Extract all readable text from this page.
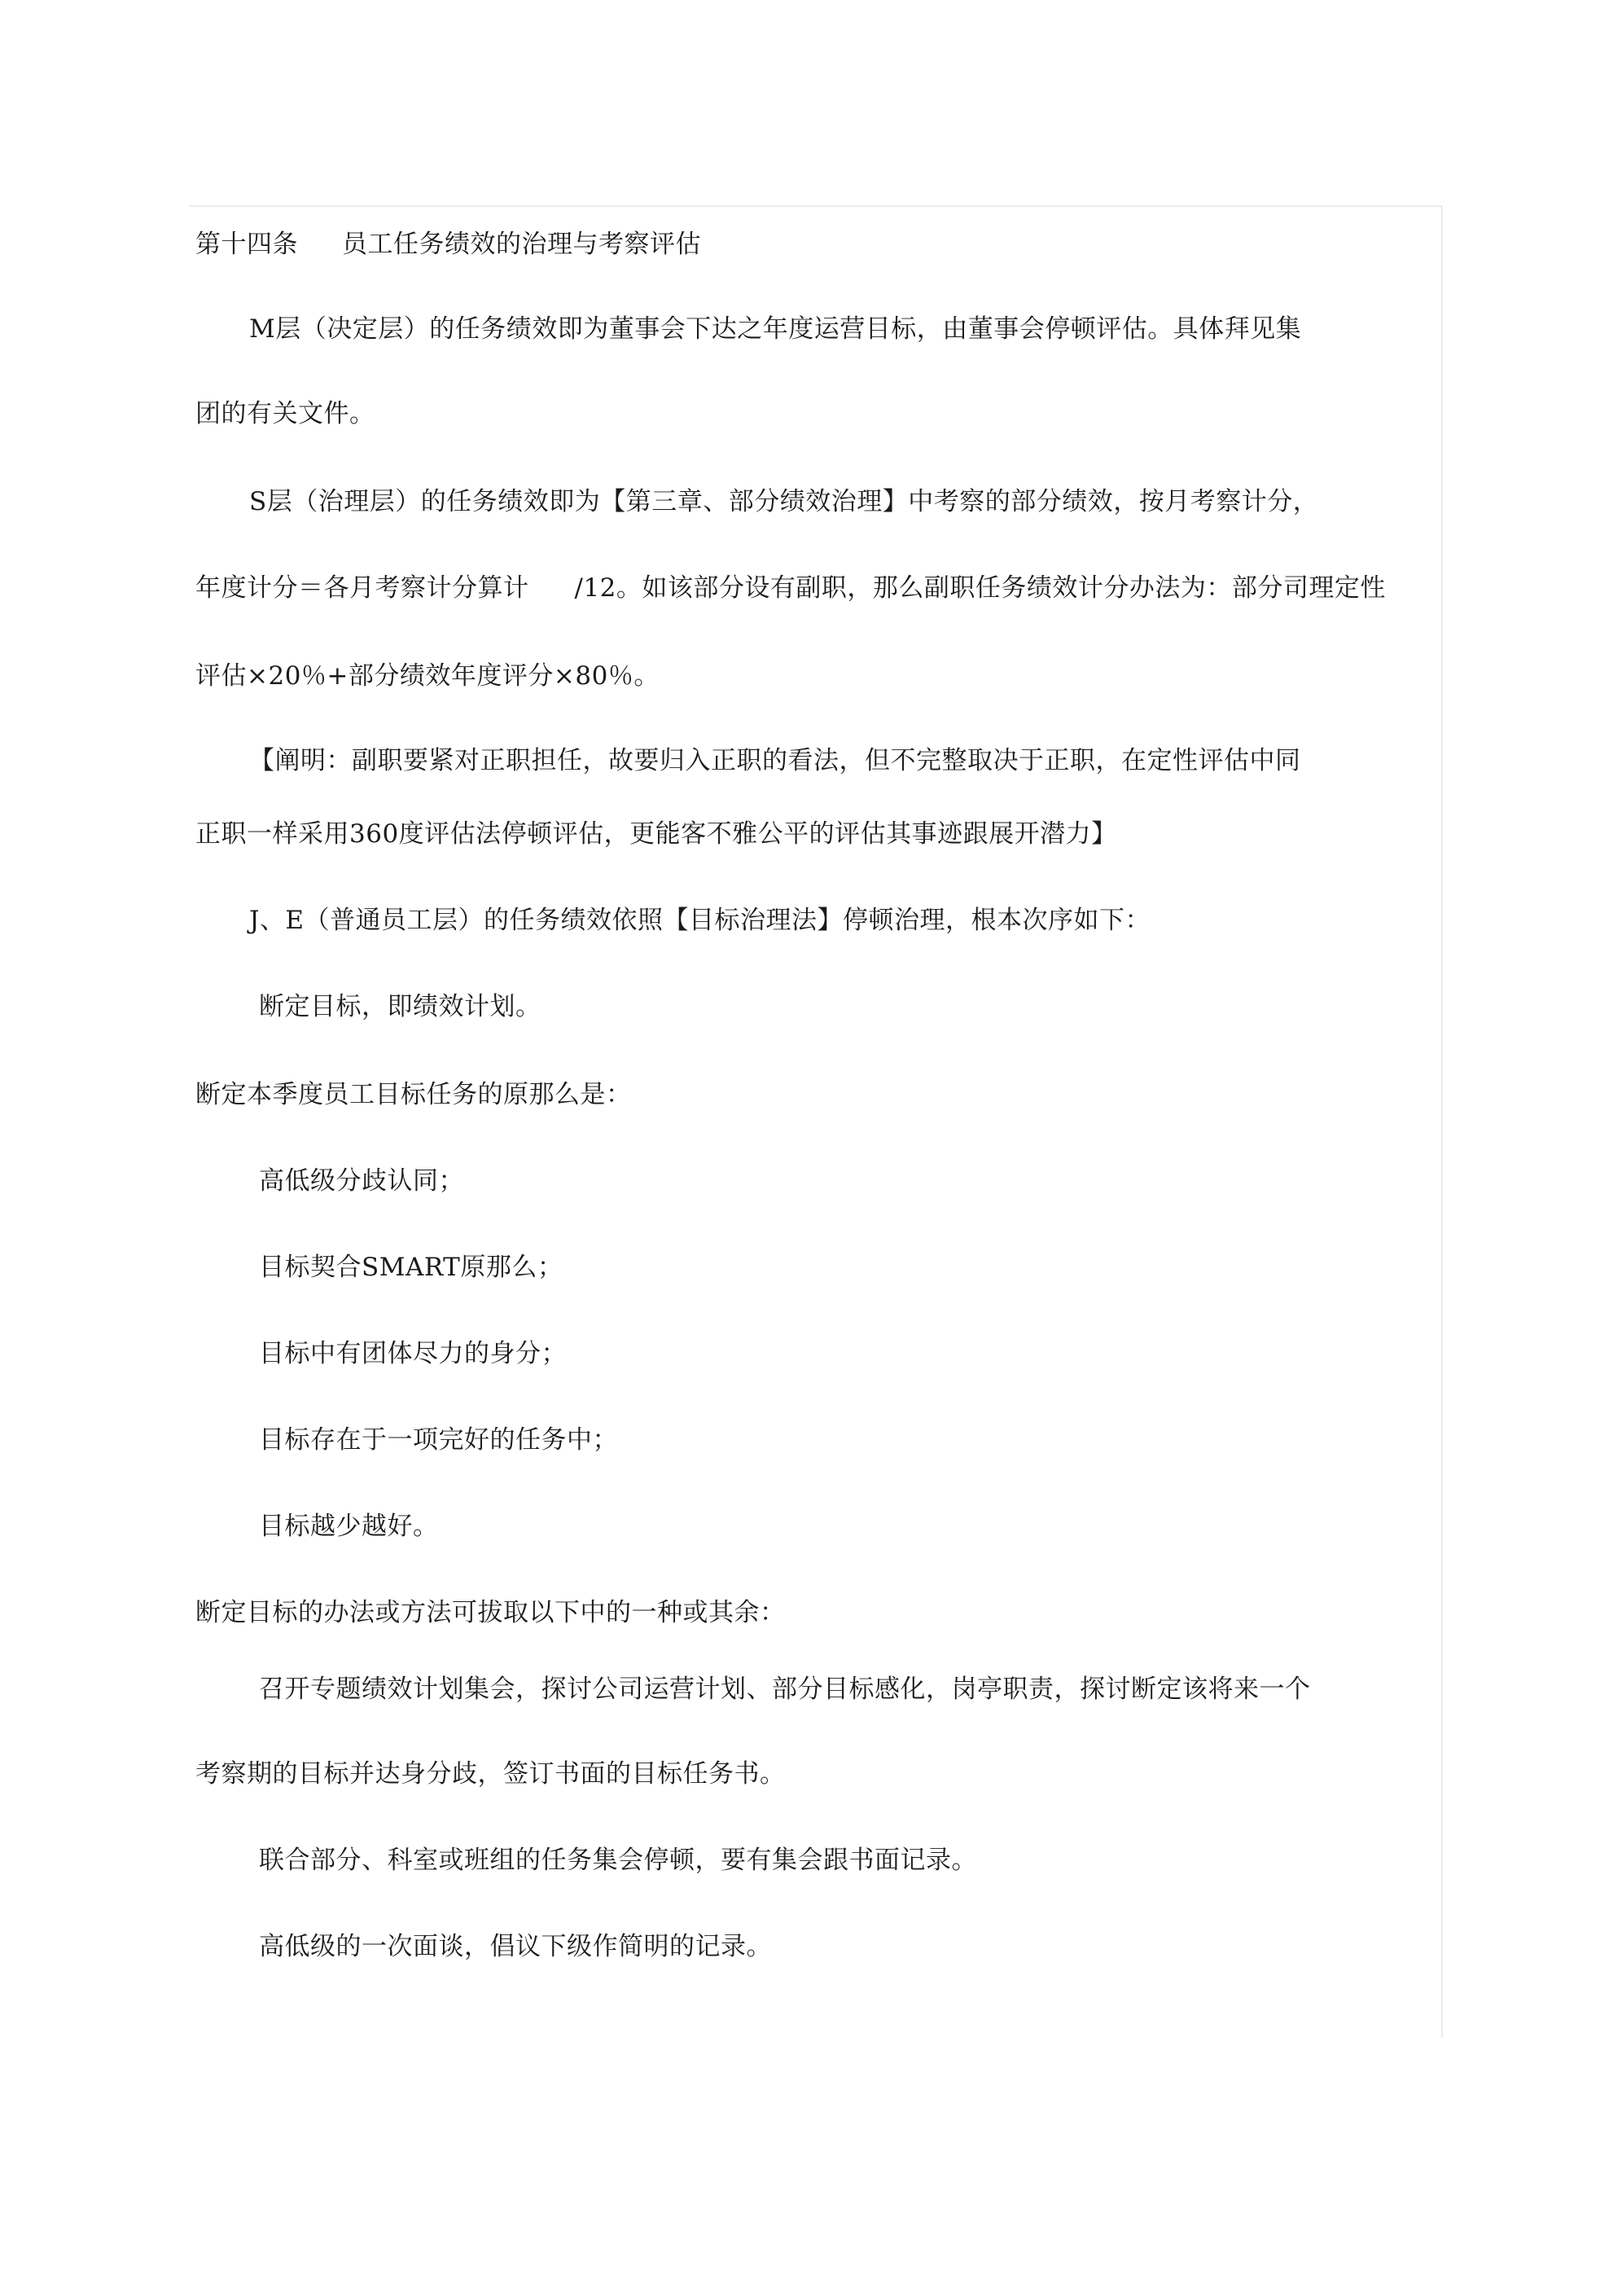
第十四条 员工任务绩效的治理与考察评估
M层（决定层）的任务绩效即为董事会下达之年度运营目标，由董事会停顿评估。具体拜见集
团的有关文件。
S层（治理层）的任务绩效即为【第三章、部分绩效治理】中考察的部分绩效，按月考察计分，
年度计分＝各月考察计分算计 /12。如该部分设有副职，那么副职任务绩效计分办法为：部分司理定性
评估×20％+部分绩效年度评分×80％。
【阐明：副职要紧对正职担任，故要归入正职的看法，但不完整取决于正职，在定性评估中同
正职一样采用360度评估法停顿评估，更能客不雅公平的评估其事迹跟展开潜力】
J、E（普通员工层）的任务绩效依照【目标治理法】停顿治理，根本次序如下：
断定目标，即绩效计划。
断定本季度员工目标任务的原那么是：
高低级分歧认同；
目标契合SMART原那么；
目标中有团体尽力的身分；
目标存在于一项完好的任务中；
目标越少越好。
断定目标的办法或方法可拔取以下中的一种或其余：
召开专题绩效计划集会，探讨公司运营计划、部分目标感化，岗亭职责，探讨断定该将来一个
考察期的目标并达身分歧，签订书面的目标任务书。
联合部分、科室或班组的任务集会停顿，要有集会跟书面记录。
高低级的一次面谈，倡议下级作简明的记录。
